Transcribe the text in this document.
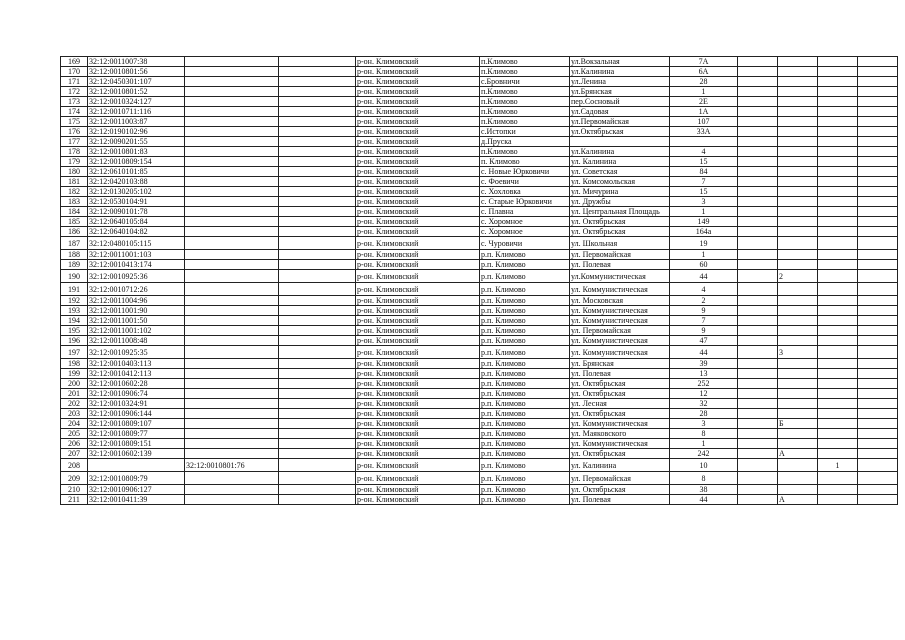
169	32:12:0011007:38			р-он. Климовский	п.Климово	ул.Вокзальная	7А				
170	32:12:0010801:56			р-он. Климовский	п.Климово	ул.Калинина	6А				
171	32:12:0450301:107			р-он. Климовский	с.Бровничи	ул.Ленина	28				
172	32:12:0010801:52			р-он. Климовский	п.Климово	ул.Брянская	1				
173	32:12:0010324:127			р-он. Климовский	п.Климово	пер.Сосновый	2Е				
174	32:12:0010711:116			р-он. Климовский	п.Климово	ул.Садовая	1А				
175	32:12:0011003:87			р-он. Климовский	п.Климово	ул.Первомайская	107				
176	32:12:0190102:96			р-он. Климовский	с.Истопки	ул.Октябрьская	33А				
177	32:12:0090201:55			р-он. Климовский	д.Пруска						
178	32:12:0010801:83			р-он. Климовский	п.Климово	ул.Калинина	4				
179	32:12:0010809:154			р-он. Климовский	п. Климово	ул. Калинина	15				
180	32:12:0610101:85			р-он. Климовский	с. Новые Юрковичи	ул. Советская	84				
181	32:12:0420103:88			р-он. Климовский	с. Фоевичи	ул. Комсомольская	7				
182	32:12:0130205:102			р-он. Климовский	с. Хохловка	ул. Мичурина	15				
183	32:12:0530104:91			р-он. Климовский	с. Старые Юрковичи	ул. Дружбы	3				
184	32:12:0090101:78			р-он. Климовский	с. Плавна	ул. Центральная Площадь	1				
185	32:12:0640105:84			р-он. Климовский	с. Хоромное	ул. Октябрьская	149				
186	32:12:0640104:82			р-он. Климовский	с. Хоромное	ул. Октябрьская	164а				
187	32:12:0480105:115			р-он. Климовский	с. Чуровичи	ул. Школьная	19				
188	32:12:0011001:103			р-он. Климовский	р.п. Климово	ул. Первомайская	1				
189	32:12:0010413:174			р-он. Климовский	р.п. Климово	ул. Полевая	60				
190	32:12:0010925:36			р-он. Климовский	р.п. Климово	ул.Коммунистическая	44		2		
191	32:12:0010712:26			р-он. Климовский	р.п. Климово	ул. Коммунистическая	4				
192	32:12:0011004:96			р-он. Климовский	р.п. Климово	ул. Московская	2				
193	32:12:0011001:90			р-он. Климовский	р.п. Климово	ул. Коммунистическая	9				
194	32:12:0011001:50			р-он. Климовский	р.п. Климово	ул. Коммунистическая	7				
195	32:12:0011001:102			р-он. Климовский	р.п. Климово	ул. Первомайская	9				
196	32:12:0011008:48			р-он. Климовский	р.п. Климово	ул. Коммунистическая	47				
197	32:12:0010925:35			р-он. Климовский	р.п. Климово	ул. Коммунистическая	44		3		
198	32:12:0010403:113			р-он. Климовский	р.п. Климово	ул. Брянская	39				
199	32:12:0010412:113			р-он. Климовский	р.п. Климово	ул. Полевая	13				
200	32:12:0010602:28			р-он. Климовский	р.п. Климово	ул. Октябрьская	252				
201	32:12:0010906:74			р-он. Климовский	р.п. Климово	ул. Октябрьская	12				
202	32:12:0010324:91			р-он. Климовский	р.п. Климово	ул. Лесная	32				
203	32:12:0010906:144			р-он. Климовский	р.п. Климово	ул. Октябрьская	28				
204	32:12:0010809:107			р-он. Климовский	р.п. Климово	ул. Коммунистическая	3		Б		
205	32:12:0010809:77			р-он. Климовский	р.п. Климово	ул. Маяковского	8				
206	32:12:0010809:151			р-он. Климовский	р.п. Климово	ул. Коммунистическая	1				
207	32:12:0010602:139			р-он. Климовский	р.п. Климово	ул. Октябрьская	242		А		
208		32:12:0010801:76		р-он. Климовский	р.п. Климово	ул. Калинина	10			1	
209	32:12:0010809:79			р-он. Климовский	р.п. Климово	ул. Первомайская	8				
210	32:12:0010906:127			р-он. Климовский	р.п. Климово	ул. Октябрьская	38				
211	32:12:0010411:39			р-он. Климовский	р.п. Климово	ул. Полевая	44		А		
